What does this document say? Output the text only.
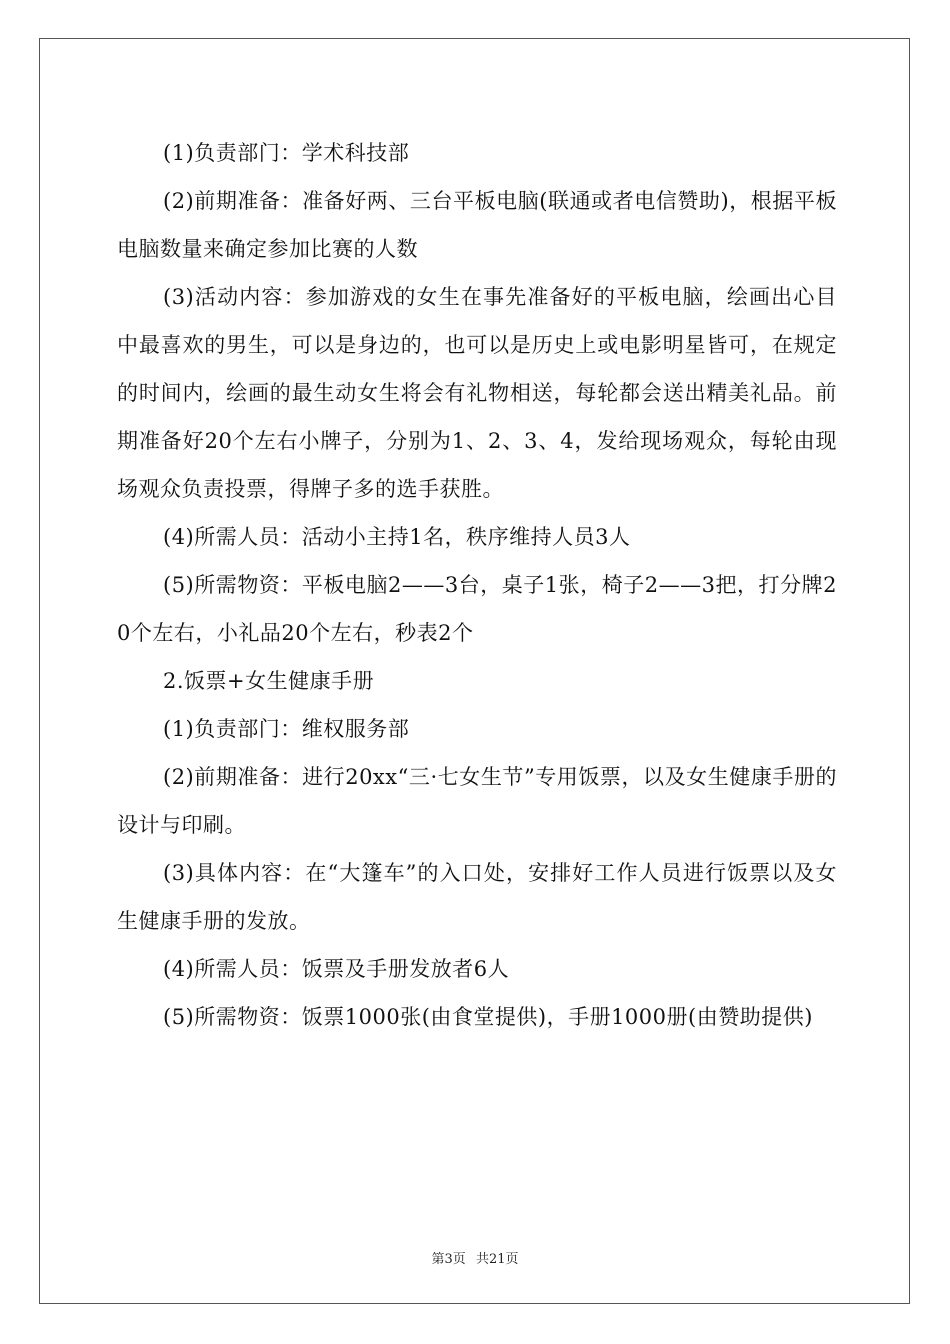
(1)负责部门：学术科技部

(2)前期准备：准备好两、三台平板电脑(联通或者电信赞助)，根据平板电脑数量来确定参加比赛的人数

(3)活动内容：参加游戏的女生在事先准备好的平板电脑，绘画出心目中最喜欢的男生，可以是身边的，也可以是历史上或电影明星皆可，在规定的时间内，绘画的最生动女生将会有礼物相送，每轮都会送出精美礼品。前期准备好20个左右小牌子，分别为1、2、3、4，发给现场观众，每轮由现场观众负责投票，得牌子多的选手获胜。

(4)所需人员：活动小主持1名，秩序维持人员3人

(5)所需物资：平板电脑2——3台，桌子1张，椅子2——3把，打分牌20个左右，小礼品20个左右，秒表2个

2.饭票+女生健康手册

(1)负责部门：维权服务部

(2)前期准备：进行20xx“三·七女生节”专用饭票，以及女生健康手册的设计与印刷。

(3)具体内容：在“大篷车”的入口处，安排好工作人员进行饭票以及女生健康手册的发放。

(4)所需人员：饭票及手册发放者6人

(5)所需物资：饭票1000张(由食堂提供)，手册1000册(由赞助提供)

第3页 共21页
